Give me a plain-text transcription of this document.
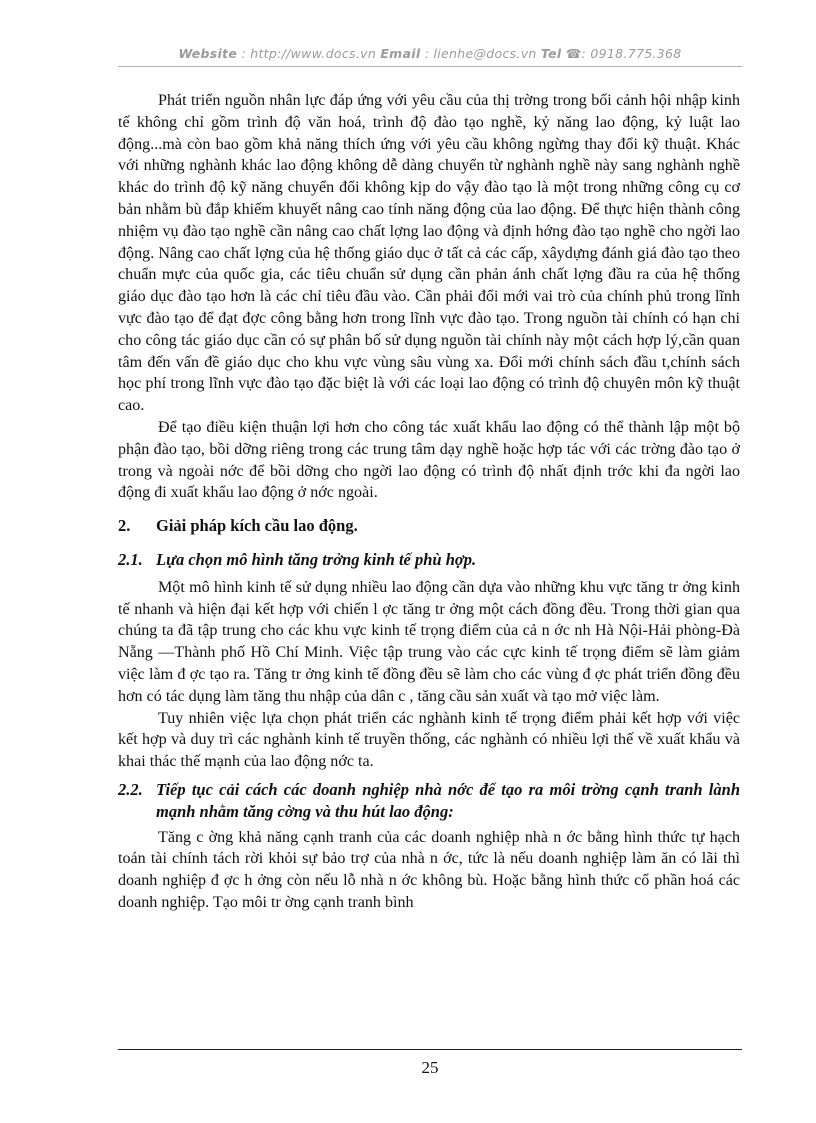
Website : http://www.docs.vn Email : lienhe@docs.vn Tel ☎: 0918.775.368

Phát triển nguồn nhân lực đáp ứng với yêu cầu của thị trờng trong bối cảnh hội nhập kinh tế không chỉ gồm trình độ văn hoá, trình độ đào tạo nghề, kỷ năng lao động, kỷ luật lao động...mà còn bao gồm khả năng thích ứng với yêu cầu không ngừng thay đổi kỹ thuật. Khác với những nghành khác lao động không dễ dàng chuyển từ nghành nghề này sang nghành nghề khác do trình độ kỹ năng chuyển đổi không kịp do vậy đào tạo là một trong những công cụ cơ bản nhằm bù đắp khiếm khuyết nâng cao tính năng động của lao động. Để thực hiện thành công nhiệm vụ đào tạo nghề cần nâng cao chất lợng lao động và định hớng đào tạo nghề cho ngời lao động. Nâng cao chất lợng của hệ thống giáo dục ở tất cả các cấp, xâydựng đánh giá đào tạo theo chuẩn mực của quốc gia, các tiêu chuẩn sử dụng cần phản ánh chất lợng đầu ra của hệ thống giáo dục đào tạo hơn là các chỉ tiêu đầu vào. Cần phải đổi mới vai trò của chính phủ trong lĩnh vực đào tạo để đạt đợc công bằng hơn trong lĩnh vực đào tạo. Trong nguồn tài chính có hạn chi cho công tác giáo dục cần có sự phân bố sử dụng nguồn tài chính này một cách hợp lý,cần quan tâm đến vấn đề giáo dục cho khu vực vùng sâu vùng xa. Đổi mới chính sách đầu t,chính sách học phí trong lĩnh vực đào tạo đặc biệt là với các loại lao động có trình độ chuyên môn kỹ thuật cao.

Để tạo điều kiện thuận lợi hơn cho công tác xuất khẩu lao động có thể thành lập một bộ phận đào tạo, bồi dỡng riêng trong các trung tâm dạy nghề hoặc hợp tác với các trờng đào tạo ở trong và ngoài nớc để bồi dỡng cho ngời lao động có trình độ nhất định trớc khi đa ngời lao động đi xuất khẩu lao động ở nớc ngoài.

2. Giải pháp kích cầu lao động.
2.1. Lựa chọn mô hình tăng trởng kinh tế phù hợp.

Một mô hình kinh tế sử dụng nhiều lao động cần dựa vào những khu vực tăng tr ởng kinh tế nhanh và hiện đại kết hợp với chiến l ợc tăng tr ởng một cách đồng đều. Trong thời gian qua chúng ta đã tập trung cho các khu vực kinh tế trọng điểm của cả n ớc nh Hà Nội-Hải phòng-Đà Nẵng —Thành phố Hồ Chí Minh. Việc tập trung vào các cực kinh tế trọng điểm sẽ làm giảm việc làm đ ợc tạo ra. Tăng tr ởng kinh tế đồng đều sẽ làm cho các vùng đ ợc phát triển đồng đều hơn có tác dụng làm tăng thu nhập của dân c , tăng cầu sản xuất và tạo mở việc làm.

Tuy nhiên việc lựa chọn phát triển các nghành kinh tế trọng điểm phải kết hợp với việc kết hợp và duy trì các nghành kinh tế truyền thống, các nghành có nhiều lợi thế về xuất khẩu và khai thác thế mạnh của lao động nớc ta.

2.2. Tiếp tục cải cách các doanh nghiệp nhà nớc để tạo ra môi trờng cạnh tranh lành mạnh nhằm tăng cờng và thu hút lao động:

Tăng c ờng khả năng cạnh tranh của các doanh nghiệp nhà n ớc bằng hình thức tự hạch toán tài chính tách rời khỏi sự bảo trợ của nhà n ớc, tức là nếu doanh nghiệp làm ăn có lãi thì doanh nghiệp đ ợc h ởng còn nếu lỗ nhà n ớc không bù. Hoặc bằng hình thức cổ phần hoá các doanh nghiệp. Tạo môi tr ờng cạnh tranh bình

25
